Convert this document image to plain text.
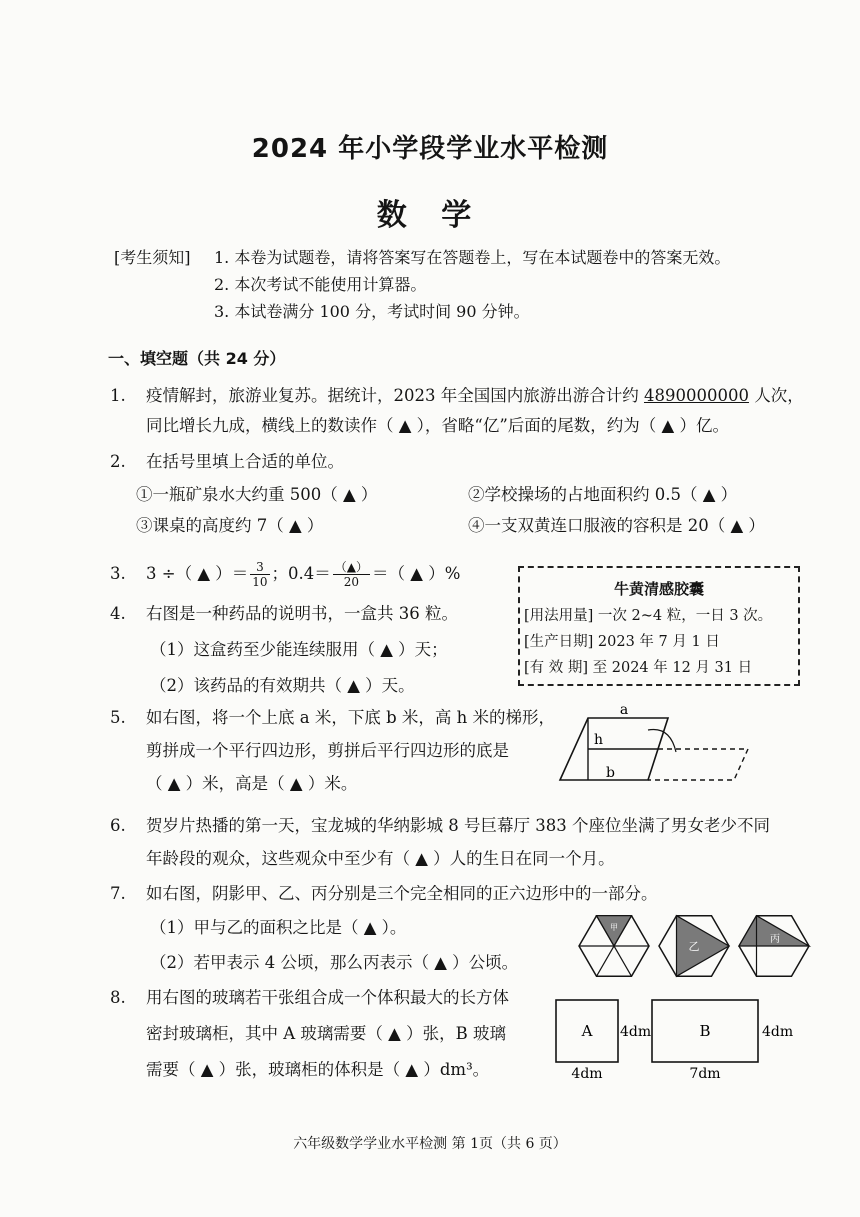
2024 年小学段学业水平检测
数 学
[考生须知] 1. 本卷为试题卷，请将答案写在答题卷上，写在本试题卷中的答案无效。
2. 本次考试不能使用计算器。
3. 本试卷满分 100 分，考试时间 90 分钟。
一、填空题（共 24 分）
1. 疫情解封，旅游业复苏。据统计，2023 年全国国内旅游出游合计约 4890000000 人次，
同比增长九成，横线上的数读作（ ▲ ），省略“亿”后面的尾数，约为（ ▲ ）亿。
2. 在括号里填上合适的单位。
①一瓶矿泉水大约重 500（ ▲ ）	②学校操场的占地面积约 0.5（ ▲ ）
③课桌的高度约 7（ ▲ ）	④一支双黄连口服液的容积是 20（ ▲ ）
3. 3 ÷（ ▲ ）＝ $\frac{3}{10}$ ；$0.4= \frac{(▲)}{20}$ ＝（ ▲ ）%
牛黄清感胶囊
[用法用量] 一次 2~4 粒，一日 3 次。
[生产日期] 2023 年 7 月 1 日
[有 效 期] 至 2024 年 12 月 31 日
4. 右图是一种药品的说明书，一盒共 36 粒。
（1）这盒药至少能连续服用（ ▲ ）天；
（2）该药品的有效期共（ ▲ ）天。
5. 如右图，将一个上底 a 米，下底 b 米，高 h 米的梯形，
剪拼成一个平行四边形，剪拼后平行四边形的底是
（ ▲ ）米，高是（ ▲ ）米。
a
h
b
6. 贺岁片热播的第一天，宝龙城的华纳影城 8 号巨幕厅 383 个座位坐满了男女老少不同
年龄段的观众，这些观众中至少有（ ▲ ）人的生日在同一个月。
7. 如右图，阴影甲、乙、丙分别是三个完全相同的正六边形中的一部分。
（1）甲与乙的面积之比是（ ▲ ）。
（2）若甲表示 4 公顷，那么丙表示（ ▲ ）公顷。
甲
乙
丙
8. 用右图的玻璃若干张组合成一个体积最大的长方体
密封玻璃柜，其中 A 玻璃需要（ ▲ ）张，B 玻璃
需要（ ▲ ）张，玻璃柜的体积是（ ▲ ）dm³。
A 4dm
4dm
B	4dm
7dm
六年级数学学业水平检测 第 1页（共 6 页）
